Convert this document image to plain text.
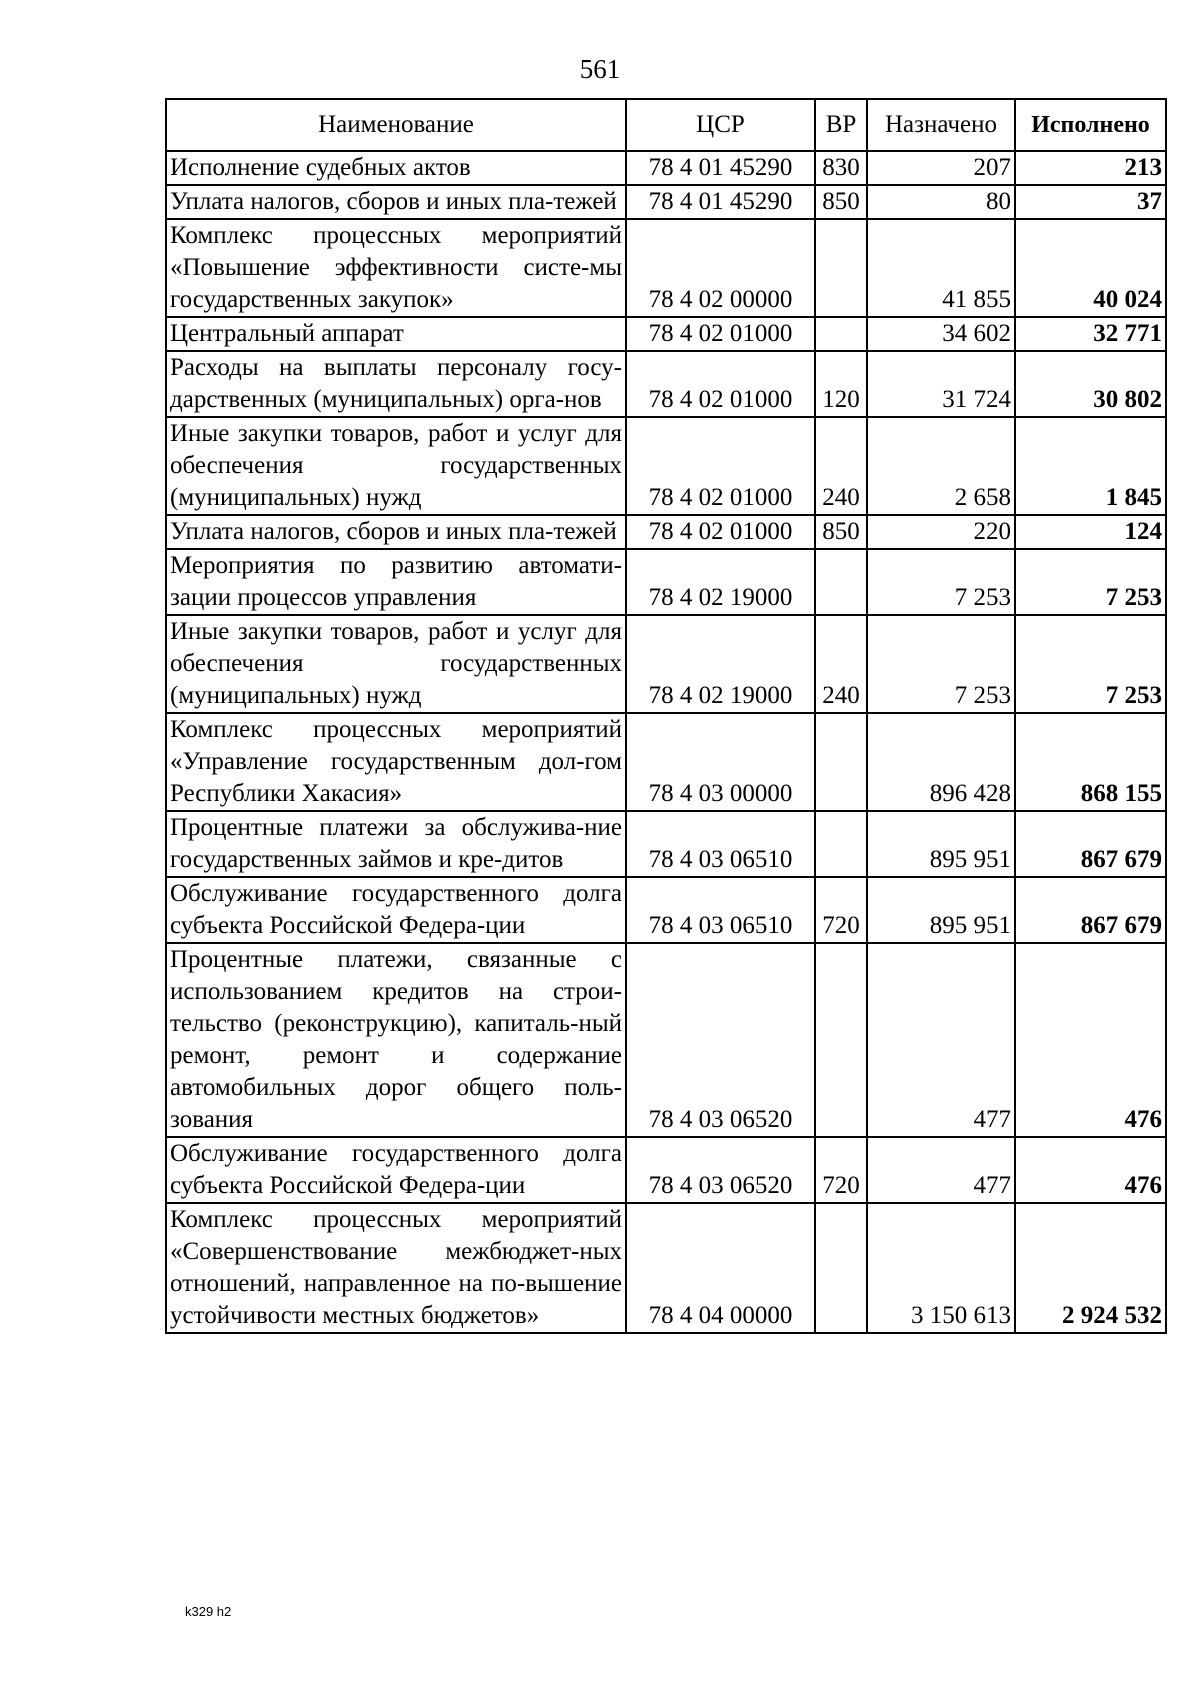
561
Наименование	ЦСР	ВР	Назначено	Исполнено
Исполнение судебных актов	78 4 01 45290	830	207	213
Уплата налогов, сборов и иных пла-тежей	78 4 01 45290	850	80	37
Комплекс процессных мероприятий «Повышение эффективности систе-мы государственных закупок»	78 4 02 00000		41 855	40 024
Центральный аппарат	78 4 02 01000		34 602	32 771
Расходы на выплаты персоналу госу-дарственных (муниципальных) орга-нов	78 4 02 01000	120	31 724	30 802
Иные закупки товаров, работ и услуг для обеспечения государственных (муниципальных) нужд	78 4 02 01000	240	2 658	1 845
Уплата налогов, сборов и иных пла-тежей	78 4 02 01000	850	220	124
Мероприятия по развитию автомати-зации процессов управления	78 4 02 19000		7 253	7 253
Иные закупки товаров, работ и услуг для обеспечения государственных (муниципальных) нужд	78 4 02 19000	240	7 253	7 253
Комплекс процессных мероприятий «Управление государственным дол-гом Республики Хакасия»	78 4 03 00000		896 428	868 155
Процентные платежи за обслужива-ние государственных займов и кре-дитов	78 4 03 06510		895 951	867 679
Обслуживание государственного долга субъекта Российской Федера-ции	78 4 03 06510	720	895 951	867 679
Процентные платежи, связанные с использованием кредитов на строи-тельство (реконструкцию), капиталь-ный ремонт, ремонт и содержание автомобильных дорог общего поль-зования	78 4 03 06520		477	476
Обслуживание государственного долга субъекта Российской Федера-ции	78 4 03 06520	720	477	476
Комплекс процессных мероприятий «Совершенствование межбюджет-ных отношений, направленное на по-вышение устойчивости местных бюджетов»	78 4 04 00000		3 150 613	2 924 532
k329 h2
